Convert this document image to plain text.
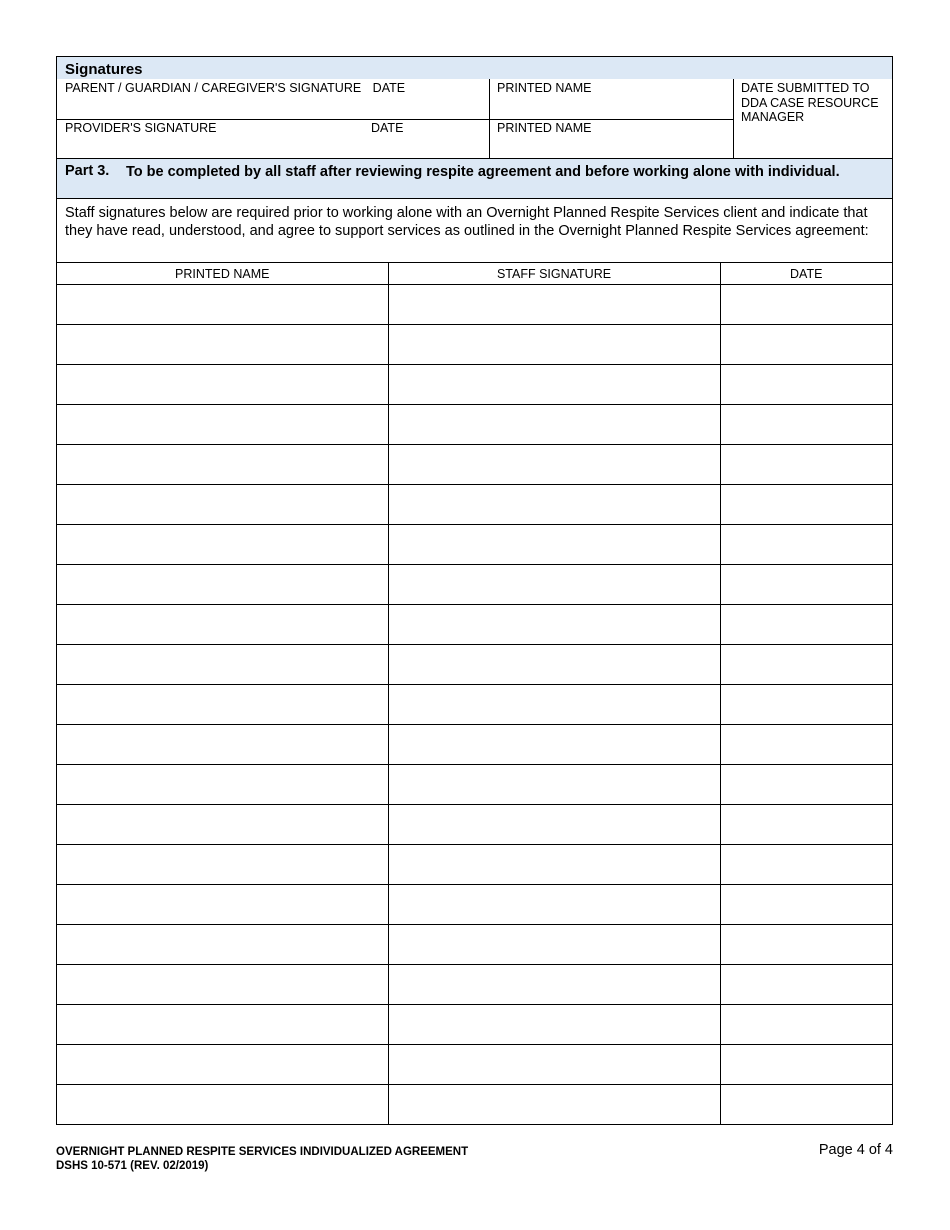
Signatures
PARENT / GUARDIAN / CAREGIVER'S SIGNATURE DATE	PRINTED NAME	DATE SUBMITTED TO DDA CASE RESOURCE MANAGER
PROVIDER'S SIGNATURE	DATE	PRINTED NAME
Part 3. To be completed by all staff after reviewing respite agreement and before working alone with individual.
Staff signatures below are required prior to working alone with an Overnight Planned Respite Services client and indicate that they have read, understood, and agree to support services as outlined in the Overnight Planned Respite Services agreement:
PRINTED NAME	STAFF SIGNATURE	DATE

OVERNIGHT PLANNED RESPITE SERVICES INDIVIDUALIZED AGREEMENT
DSHS 10-571 (REV. 02/2019)
Page 4 of 4
